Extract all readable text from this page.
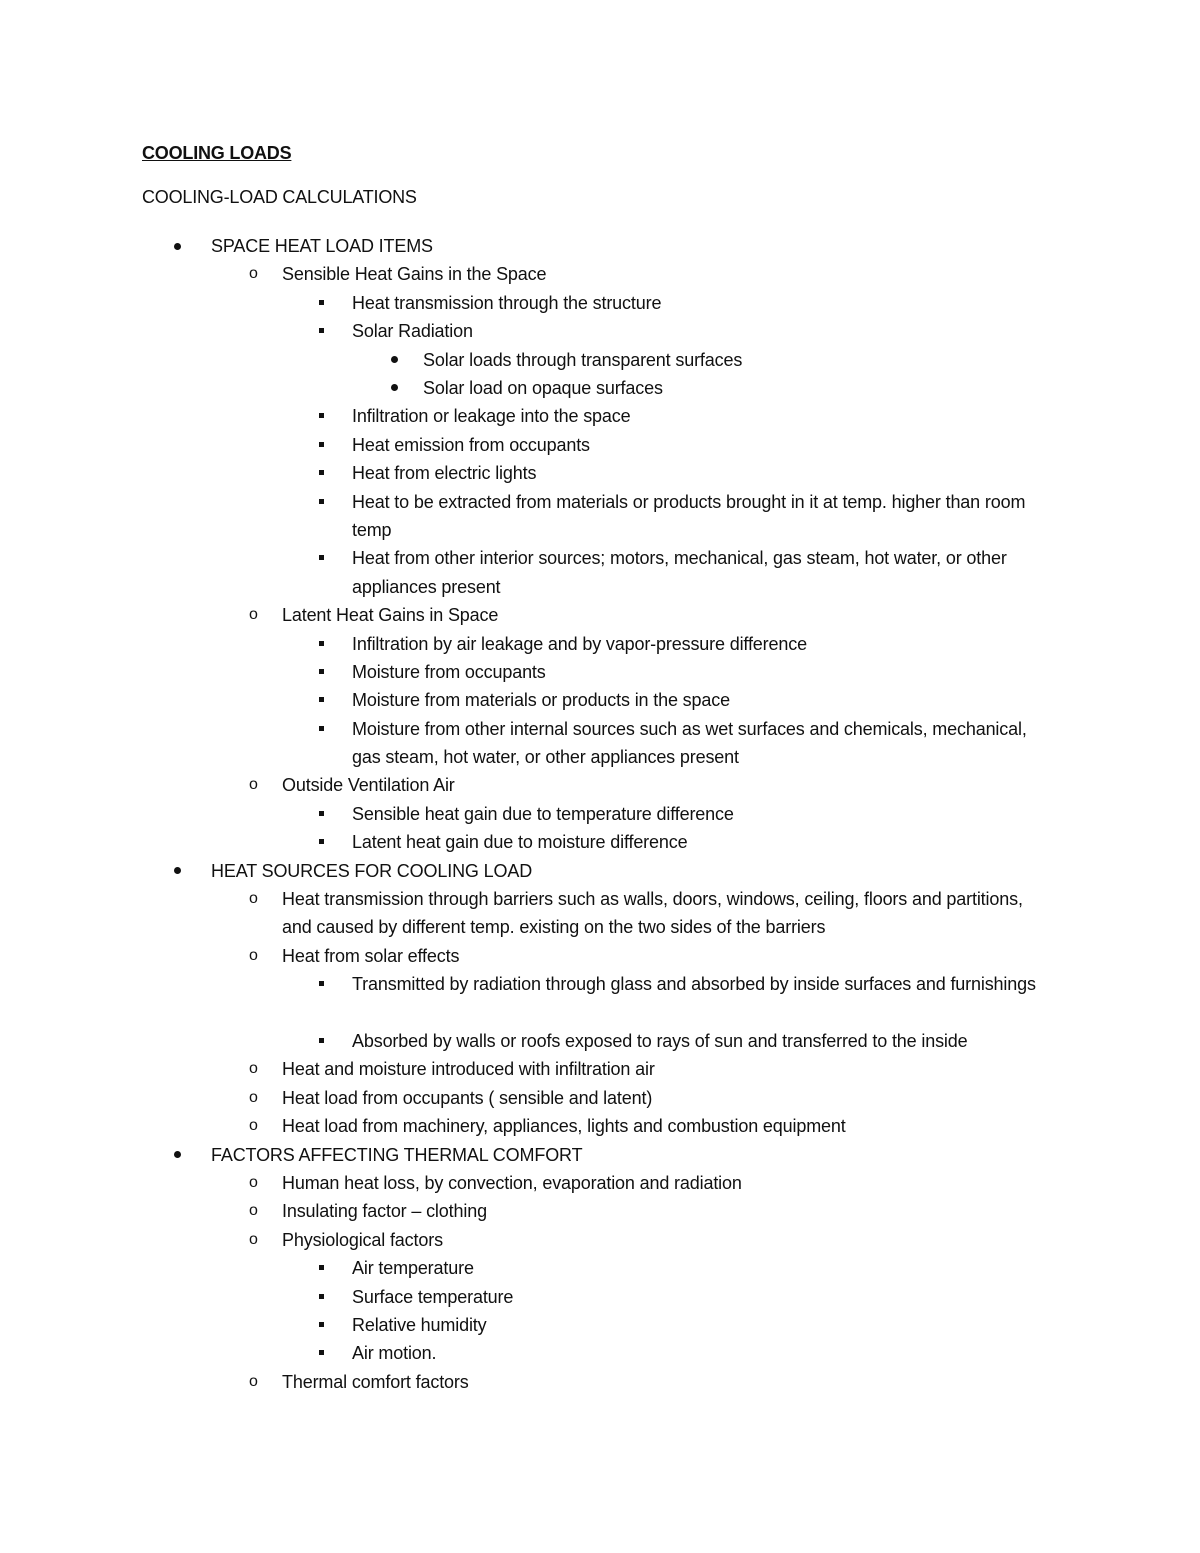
COOLING LOADS
COOLING-LOAD CALCULATIONS
SPACE HEAT LOAD ITEMS
o Sensible Heat Gains in the Space
Heat transmission through the structure
Solar Radiation
Solar loads through transparent surfaces
Solar load on opaque surfaces
Infiltration or leakage into the space
Heat emission from occupants
Heat from electric lights
Heat to be extracted from materials or products brought in it at temp. higher than room temp
Heat from other interior sources; motors, mechanical, gas steam, hot water, or other appliances present
o Latent Heat Gains in Space
Infiltration by air leakage and by vapor-pressure difference
Moisture from occupants
Moisture from materials or products in the space
Moisture from other internal sources such as wet surfaces and chemicals, mechanical, gas steam, hot water, or other appliances present
o Outside Ventilation Air
Sensible heat gain due to temperature difference
Latent heat gain due to moisture difference
HEAT SOURCES FOR COOLING LOAD
o Heat transmission through barriers such as walls, doors, windows, ceiling, floors and partitions, and caused by different temp. existing on the two sides of the barriers
o Heat from solar effects
Transmitted by radiation through glass and absorbed by inside surfaces and furnishings
Absorbed by walls or roofs exposed to rays of sun and transferred to the inside
o Heat and moisture introduced with infiltration air
o Heat load from occupants ( sensible and latent)
o Heat load from machinery, appliances, lights and combustion equipment
FACTORS AFFECTING THERMAL COMFORT
o Human heat loss, by convection, evaporation and radiation
o Insulating factor – clothing
o Physiological factors
Air temperature
Surface temperature
Relative humidity
Air motion.
o Thermal comfort factors
